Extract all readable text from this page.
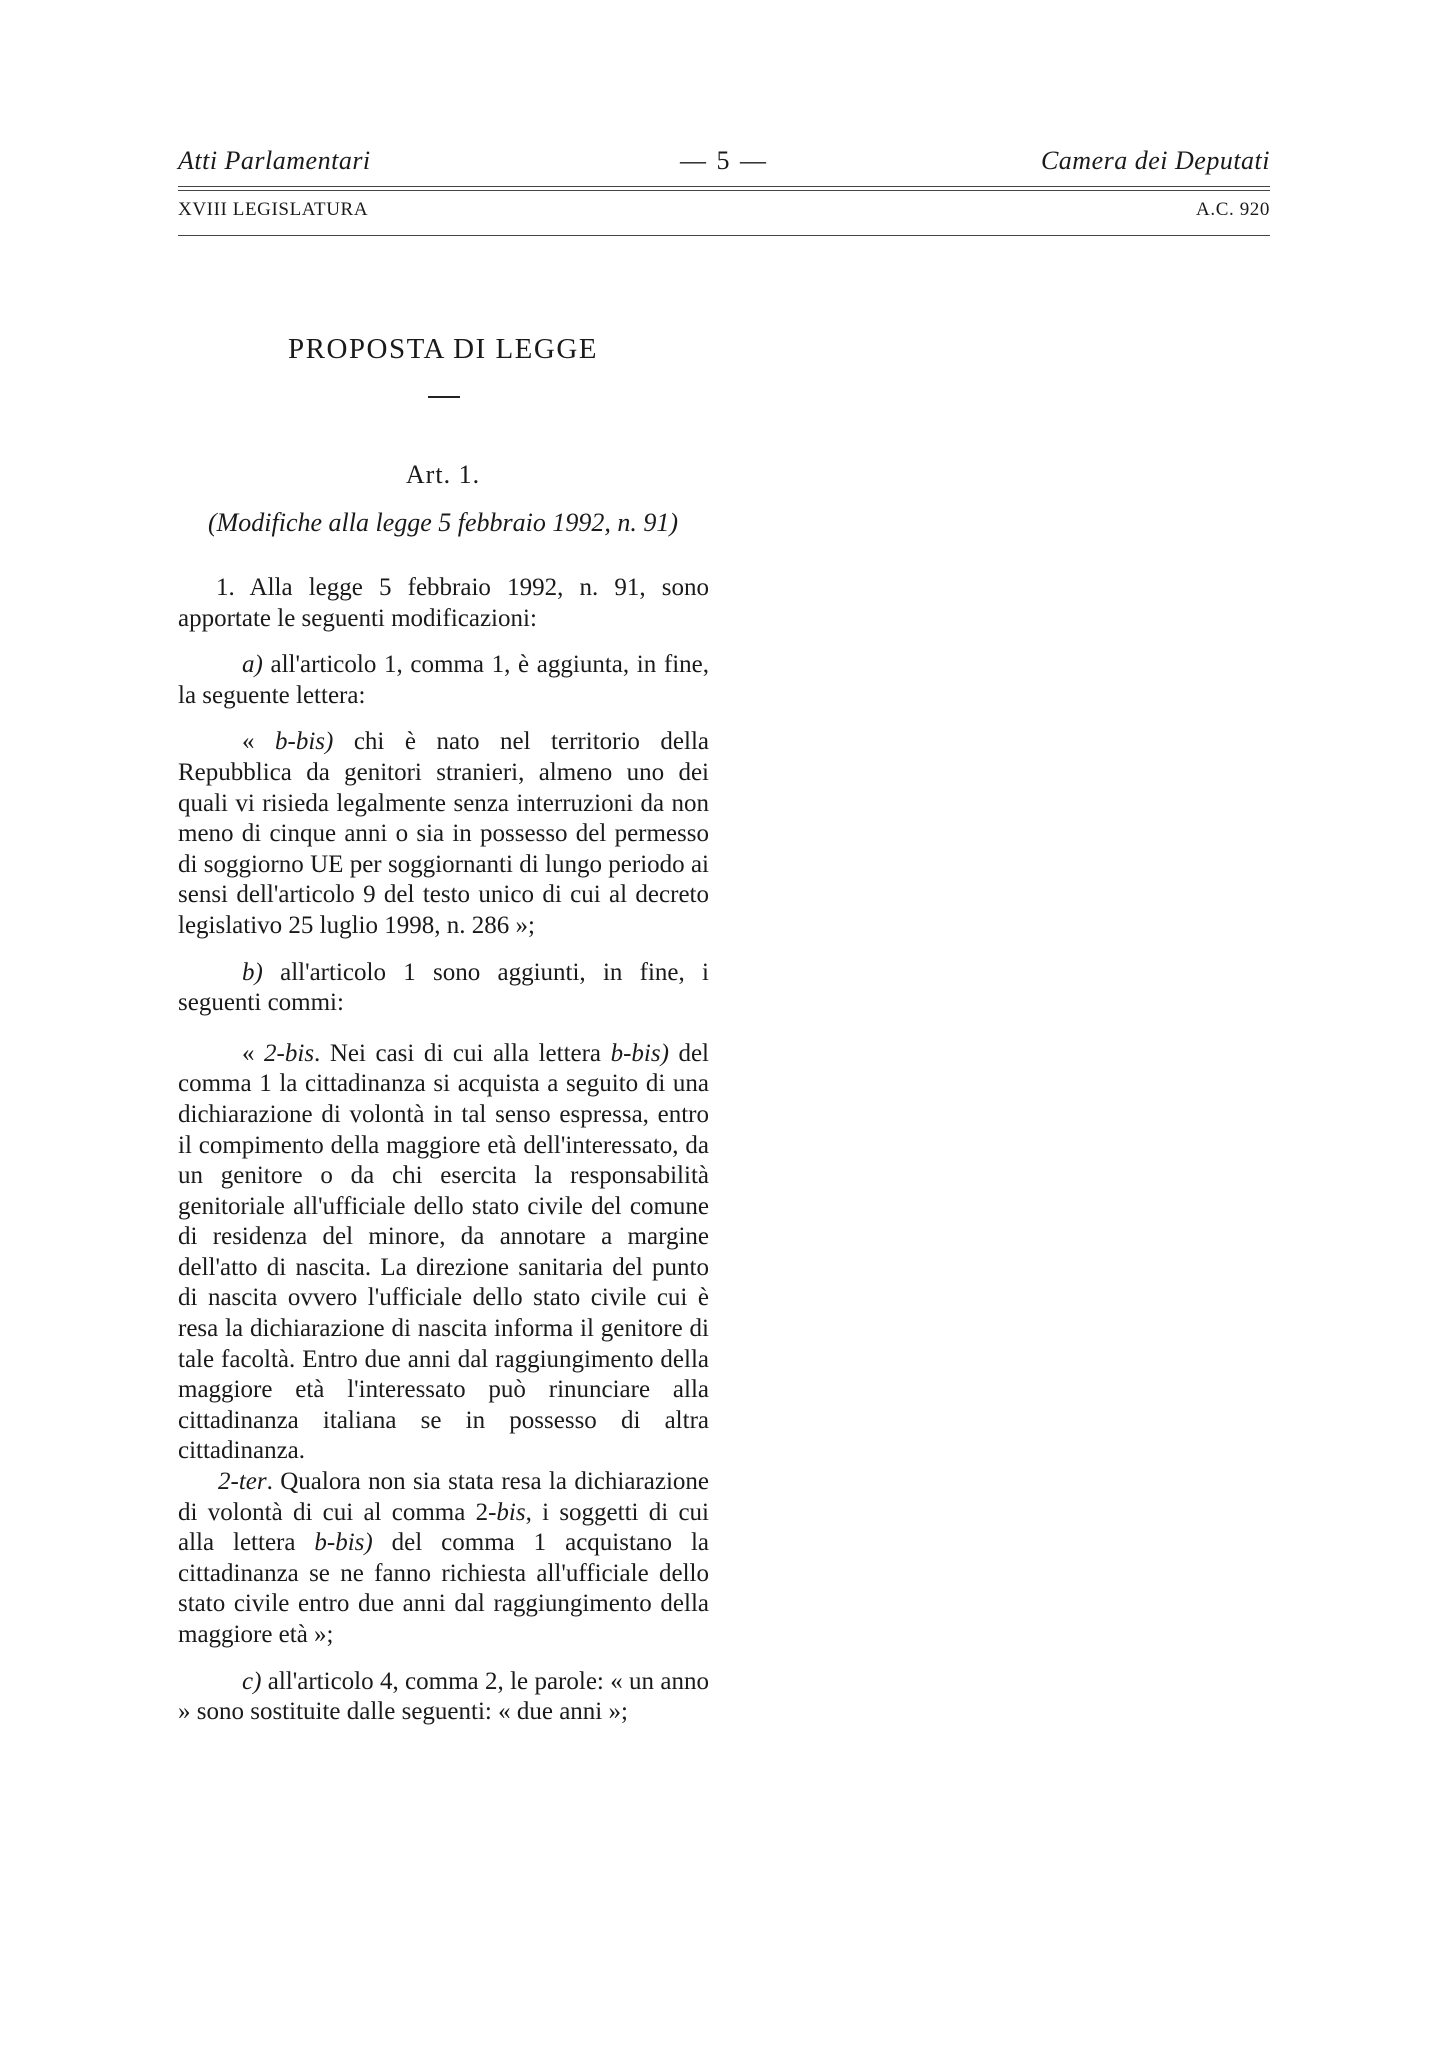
Atti Parlamentari	— 5 —	Camera dei Deputati
XVIII LEGISLATURA	A.C. 920
PROPOSTA DI LEGGE
Art. 1.
(Modifiche alla legge 5 febbraio 1992, n. 91)

1. Alla legge 5 febbraio 1992, n. 91, sono apportate le seguenti modificazioni:

a) all'articolo 1, comma 1, è aggiunta, in fine, la seguente lettera:

« b-bis) chi è nato nel territorio della Repubblica da genitori stranieri, almeno uno dei quali vi risieda legalmente senza interruzioni da non meno di cinque anni o sia in possesso del permesso di soggiorno UE per soggiornanti di lungo periodo ai sensi dell'articolo 9 del testo unico di cui al decreto legislativo 25 luglio 1998, n. 286 »;

b) all'articolo 1 sono aggiunti, in fine, i seguenti commi:

« 2-bis. Nei casi di cui alla lettera b-bis) del comma 1 la cittadinanza si acquista a seguito di una dichiarazione di volontà in tal senso espressa, entro il compimento della maggiore età dell'interessato, da un genitore o da chi esercita la responsabilità genitoriale all'ufficiale dello stato civile del comune di residenza del minore, da annotare a margine dell'atto di nascita. La direzione sanitaria del punto di nascita ovvero l'ufficiale dello stato civile cui è resa la dichiarazione di nascita informa il genitore di tale facoltà. Entro due anni dal raggiungimento della maggiore età l'interessato può rinunciare alla cittadinanza italiana se in possesso di altra cittadinanza.

2-ter. Qualora non sia stata resa la dichiarazione di volontà di cui al comma 2-bis, i soggetti di cui alla lettera b-bis) del comma 1 acquistano la cittadinanza se ne fanno richiesta all'ufficiale dello stato civile entro due anni dal raggiungimento della maggiore età »;

c) all'articolo 4, comma 2, le parole: « un anno » sono sostituite dalle seguenti: « due anni »;
